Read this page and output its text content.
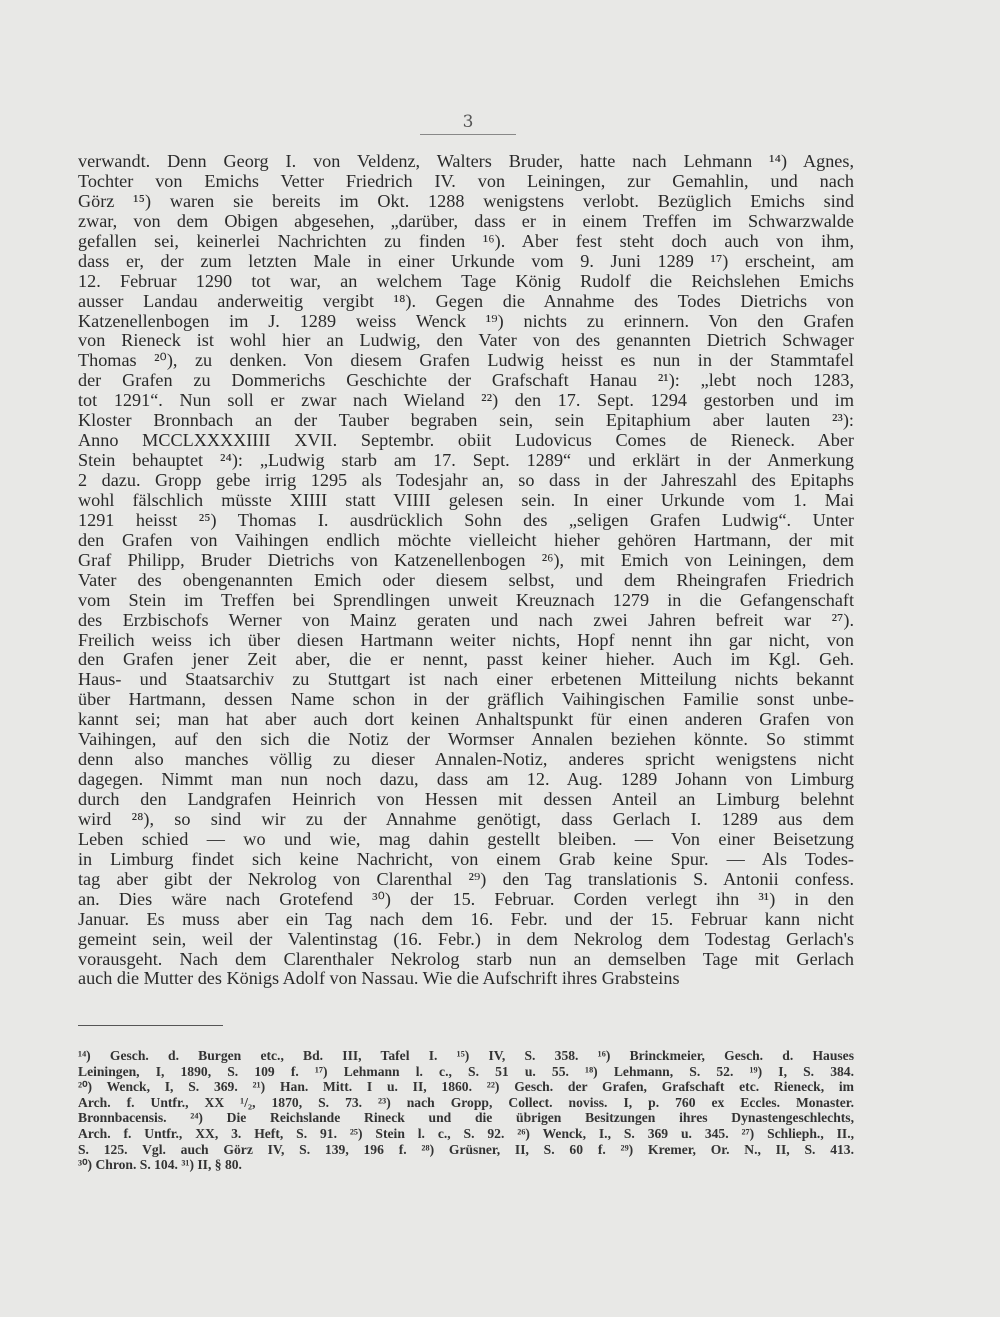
3
verwandt. Denn Georg I. von Veldenz, Walters Bruder, hatte nach Lehmann ¹⁴) Agnes,
Tochter von Emichs Vetter Friedrich IV. von Leiningen, zur Gemahlin, und nach
Görz ¹⁵) waren sie bereits im Okt. 1288 wenigstens verlobt. Bezüglich Emichs sind
zwar, von dem Obigen abgesehen, „darüber, dass er in einem Treffen im Schwarzwalde
gefallen sei, keinerlei Nachrichten zu finden ¹⁶). Aber fest steht doch auch von ihm,
dass er, der zum letzten Male in einer Urkunde vom 9. Juni 1289 ¹⁷) erscheint, am
12. Februar 1290 tot war, an welchem Tage König Rudolf die Reichslehen Emichs
ausser Landau anderweitig vergibt ¹⁸). Gegen die Annahme des Todes Dietrichs von
Katzenellenbogen im J. 1289 weiss Wenck ¹⁹) nichts zu erinnern. Von den Grafen
von Rieneck ist wohl hier an Ludwig, den Vater von des genannten Dietrich Schwager
Thomas ²⁰), zu denken. Von diesem Grafen Ludwig heisst es nun in der Stammtafel
der Grafen zu Dommerichs Geschichte der Grafschaft Hanau ²¹): „lebt noch 1283,
tot 1291“. Nun soll er zwar nach Wieland ²²) den 17. Sept. 1294 gestorben und im
Kloster Bronnbach an der Tauber begraben sein, sein Epitaphium aber lauten ²³):
Anno MCCLXXXXIIII XVII. Septembr. obiit Ludovicus Comes de Rieneck. Aber
Stein behauptet ²⁴): „Ludwig starb am 17. Sept. 1289“ und erklärt in der Anmerkung
2 dazu. Gropp gebe irrig 1295 als Todesjahr an, so dass in der Jahreszahl des Epitaphs
wohl fälschlich müsste XIIII statt VIIII gelesen sein. In einer Urkunde vom 1. Mai
1291 heisst ²⁵) Thomas I. ausdrücklich Sohn des „seligen Grafen Ludwig“. Unter
den Grafen von Vaihingen endlich möchte vielleicht hieher gehören Hartmann, der mit
Graf Philipp, Bruder Dietrichs von Katzenellenbogen ²⁶), mit Emich von Leiningen, dem
Vater des obengenannten Emich oder diesem selbst, und dem Rheingrafen Friedrich
vom Stein im Treffen bei Sprendlingen unweit Kreuznach 1279 in die Gefangenschaft
des Erzbischofs Werner von Mainz geraten und nach zwei Jahren befreit war ²⁷).
Freilich weiss ich über diesen Hartmann weiter nichts, Hopf nennt ihn gar nicht, von
den Grafen jener Zeit aber, die er nennt, passt keiner hieher. Auch im Kgl. Geh.
Haus- und Staatsarchiv zu Stuttgart ist nach einer erbetenen Mitteilung nichts bekannt
über Hartmann, dessen Name schon in der gräflich Vaihingischen Familie sonst unbe-
kannt sei; man hat aber auch dort keinen Anhaltspunkt für einen anderen Grafen von
Vaihingen, auf den sich die Notiz der Wormser Annalen beziehen könnte. So stimmt
denn also manches völlig zu dieser Annalen-Notiz, anderes spricht wenigstens nicht
dagegen. Nimmt man nun noch dazu, dass am 12. Aug. 1289 Johann von Limburg
durch den Landgrafen Heinrich von Hessen mit dessen Anteil an Limburg belehnt
wird ²⁸), so sind wir zu der Annahme genötigt, dass Gerlach I. 1289 aus dem
Leben schied — wo und wie, mag dahin gestellt bleiben. — Von einer Beisetzung
in Limburg findet sich keine Nachricht, von einem Grab keine Spur. — Als Todes-
tag aber gibt der Nekrolog von Clarenthal ²⁹) den Tag translationis S. Antonii confess.
an. Dies wäre nach Grotefend ³⁰) der 15. Februar. Corden verlegt ihn ³¹) in den
Januar. Es muss aber ein Tag nach dem 16. Febr. und der 15. Februar kann nicht
gemeint sein, weil der Valentinstag (16. Febr.) in dem Nekrolog dem Todestag Gerlach's
vorausgeht. Nach dem Clarenthaler Nekrolog starb nun an demselben Tage mit Gerlach
auch die Mutter des Königs Adolf von Nassau. Wie die Aufschrift ihres Grabsteins
¹⁴) Gesch. d. Burgen etc., Bd. III, Tafel I. ¹⁵) IV, S. 358. ¹⁶) Brinckmeier, Gesch. d. Hauses
Leiningen, I, 1890, S. 109 f. ¹⁷) Lehmann l. c., S. 51 u. 55. ¹⁸) Lehmann, S. 52. ¹⁹) I, S. 384.
²⁰) Wenck, I, S. 369. ²¹) Han. Mitt. I u. II, 1860. ²²) Gesch. der Grafen, Grafschaft etc. Rieneck, im
Arch. f. Untfr., XX ¹/₂, 1870, S. 73. ²³) nach Gropp, Collect. noviss. I, p. 760 ex Eccles. Monaster.
Bronnbacensis. ²⁴) Die Reichslande Rineck und die übrigen Besitzungen ihres Dynastengeschlechts,
Arch. f. Untfr., XX, 3. Heft, S. 91. ²⁵) Stein l. c., S. 92. ²⁶) Wenck, I., S. 369 u. 345. ²⁷) Schlieph., II.,
S. 125. Vgl. auch Görz IV, S. 139, 196 f. ²⁸) Grüsner, II, S. 60 f. ²⁹) Kremer, Or. N., II, S. 413.
³⁰) Chron. S. 104. ³¹) II, § 80.
